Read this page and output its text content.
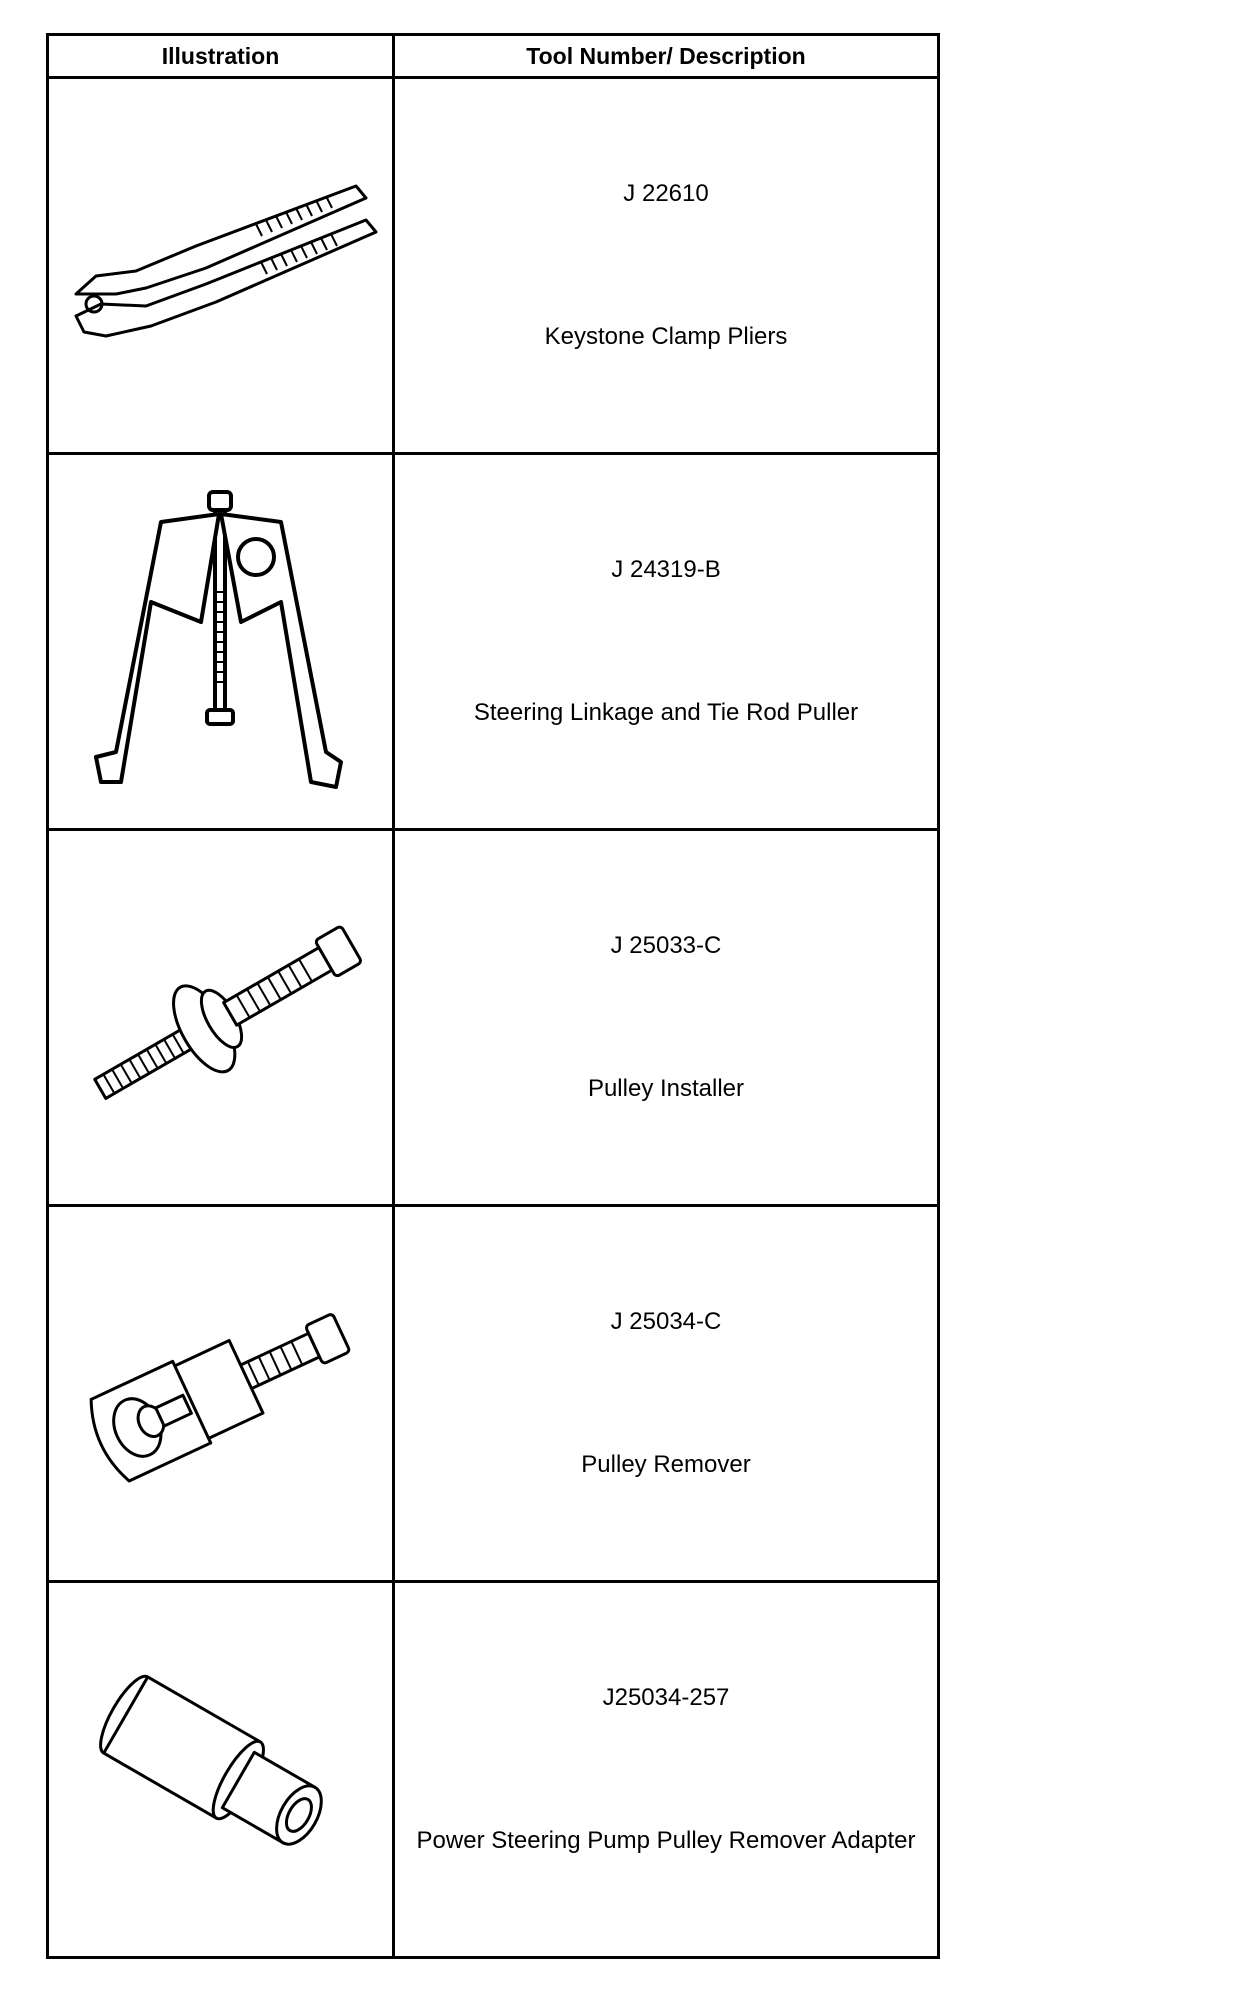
Illustration	Tool Number/ Description

J 22610
Keystone Clamp Pliers

J 24319-B
Steering Linkage and Tie Rod Puller

J 25033-C
Pulley Installer

J 25034-C
Pulley Remover

J25034-257
Power Steering Pump Pulley Remover Adapter
